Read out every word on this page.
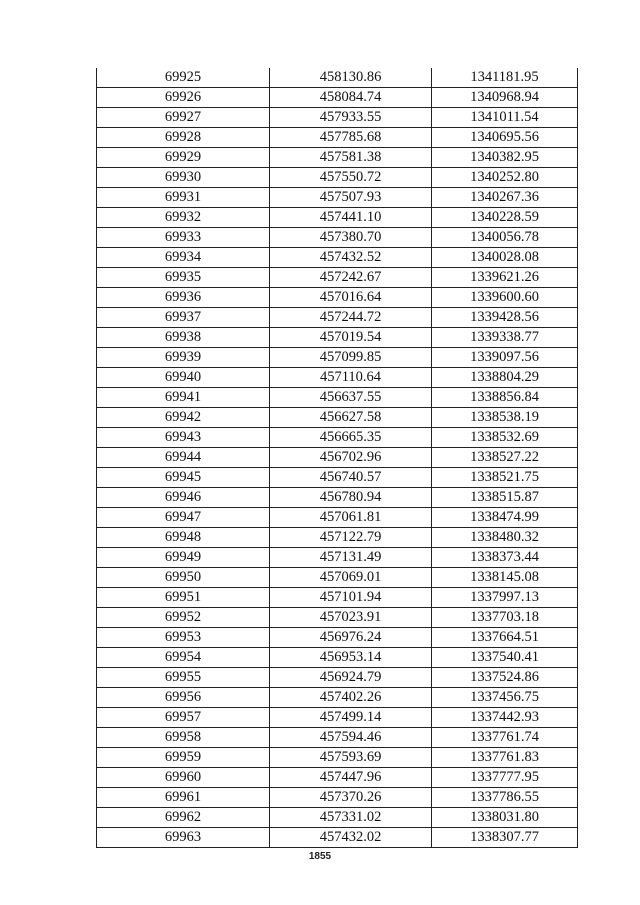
69925	458130.86	1341181.95
69926	458084.74	1340968.94
69927	457933.55	1341011.54
69928	457785.68	1340695.56
69929	457581.38	1340382.95
69930	457550.72	1340252.80
69931	457507.93	1340267.36
69932	457441.10	1340228.59
69933	457380.70	1340056.78
69934	457432.52	1340028.08
69935	457242.67	1339621.26
69936	457016.64	1339600.60
69937	457244.72	1339428.56
69938	457019.54	1339338.77
69939	457099.85	1339097.56
69940	457110.64	1338804.29
69941	456637.55	1338856.84
69942	456627.58	1338538.19
69943	456665.35	1338532.69
69944	456702.96	1338527.22
69945	456740.57	1338521.75
69946	456780.94	1338515.87
69947	457061.81	1338474.99
69948	457122.79	1338480.32
69949	457131.49	1338373.44
69950	457069.01	1338145.08
69951	457101.94	1337997.13
69952	457023.91	1337703.18
69953	456976.24	1337664.51
69954	456953.14	1337540.41
69955	456924.79	1337524.86
69956	457402.26	1337456.75
69957	457499.14	1337442.93
69958	457594.46	1337761.74
69959	457593.69	1337761.83
69960	457447.96	1337777.95
69961	457370.26	1337786.55
69962	457331.02	1338031.80
69963	457432.02	1338307.77
1855
